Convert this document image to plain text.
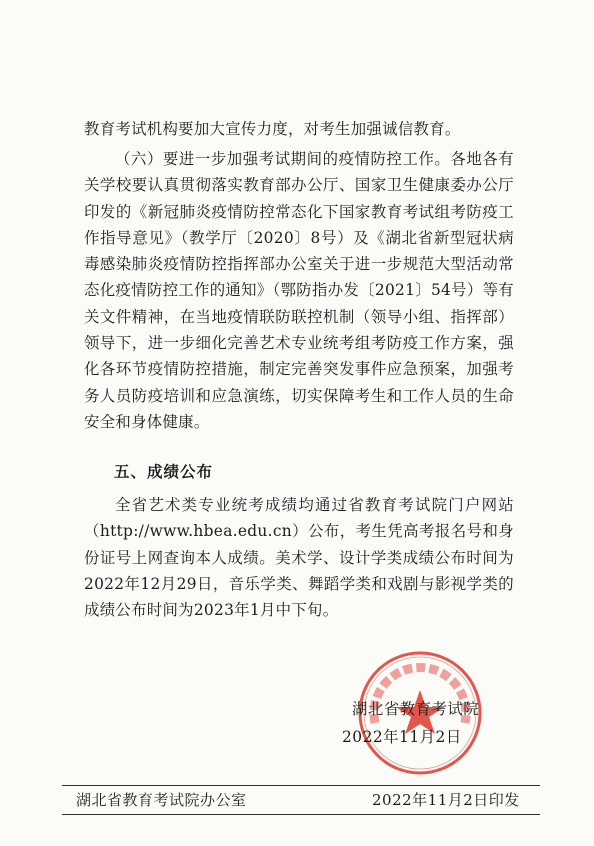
教育考试机构要加大宣传力度，对考生加强诚信教育。
（六）要进一步加强考试期间的疫情防控工作。各地各有关学校要认真贯彻落实教育部办公厅、国家卫生健康委办公厅印发的《新冠肺炎疫情防控常态化下国家教育考试组考防疫工作指导意见》（教学厅〔2020〕8号）及《湖北省新型冠状病毒感染肺炎疫情防控指挥部办公室关于进一步规范大型活动常态化疫情防控工作的通知》（鄂防指办发〔2021〕54号）等有关文件精神，在当地疫情联防联控机制（领导小组、指挥部）领导下，进一步细化完善艺术专业统考组考防疫工作方案，强化各环节疫情防控措施，制定完善突发事件应急预案，加强考务人员防疫培训和应急演练，切实保障考生和工作人员的生命安全和身体健康。
五、成绩公布
全省艺术类专业统考成绩均通过省教育考试院门户网站（http://www.hbea.edu.cn）公布，考生凭高考报名号和身份证号上网查询本人成绩。美术学、设计学类成绩公布时间为2022年12月29日，音乐学类、舞蹈学类和戏剧与影视学类的成绩公布时间为2023年1月中下旬。
湖北省教育考试院
2022年11月2日
湖北省教育考试院办公室	2022年11月2日印发
